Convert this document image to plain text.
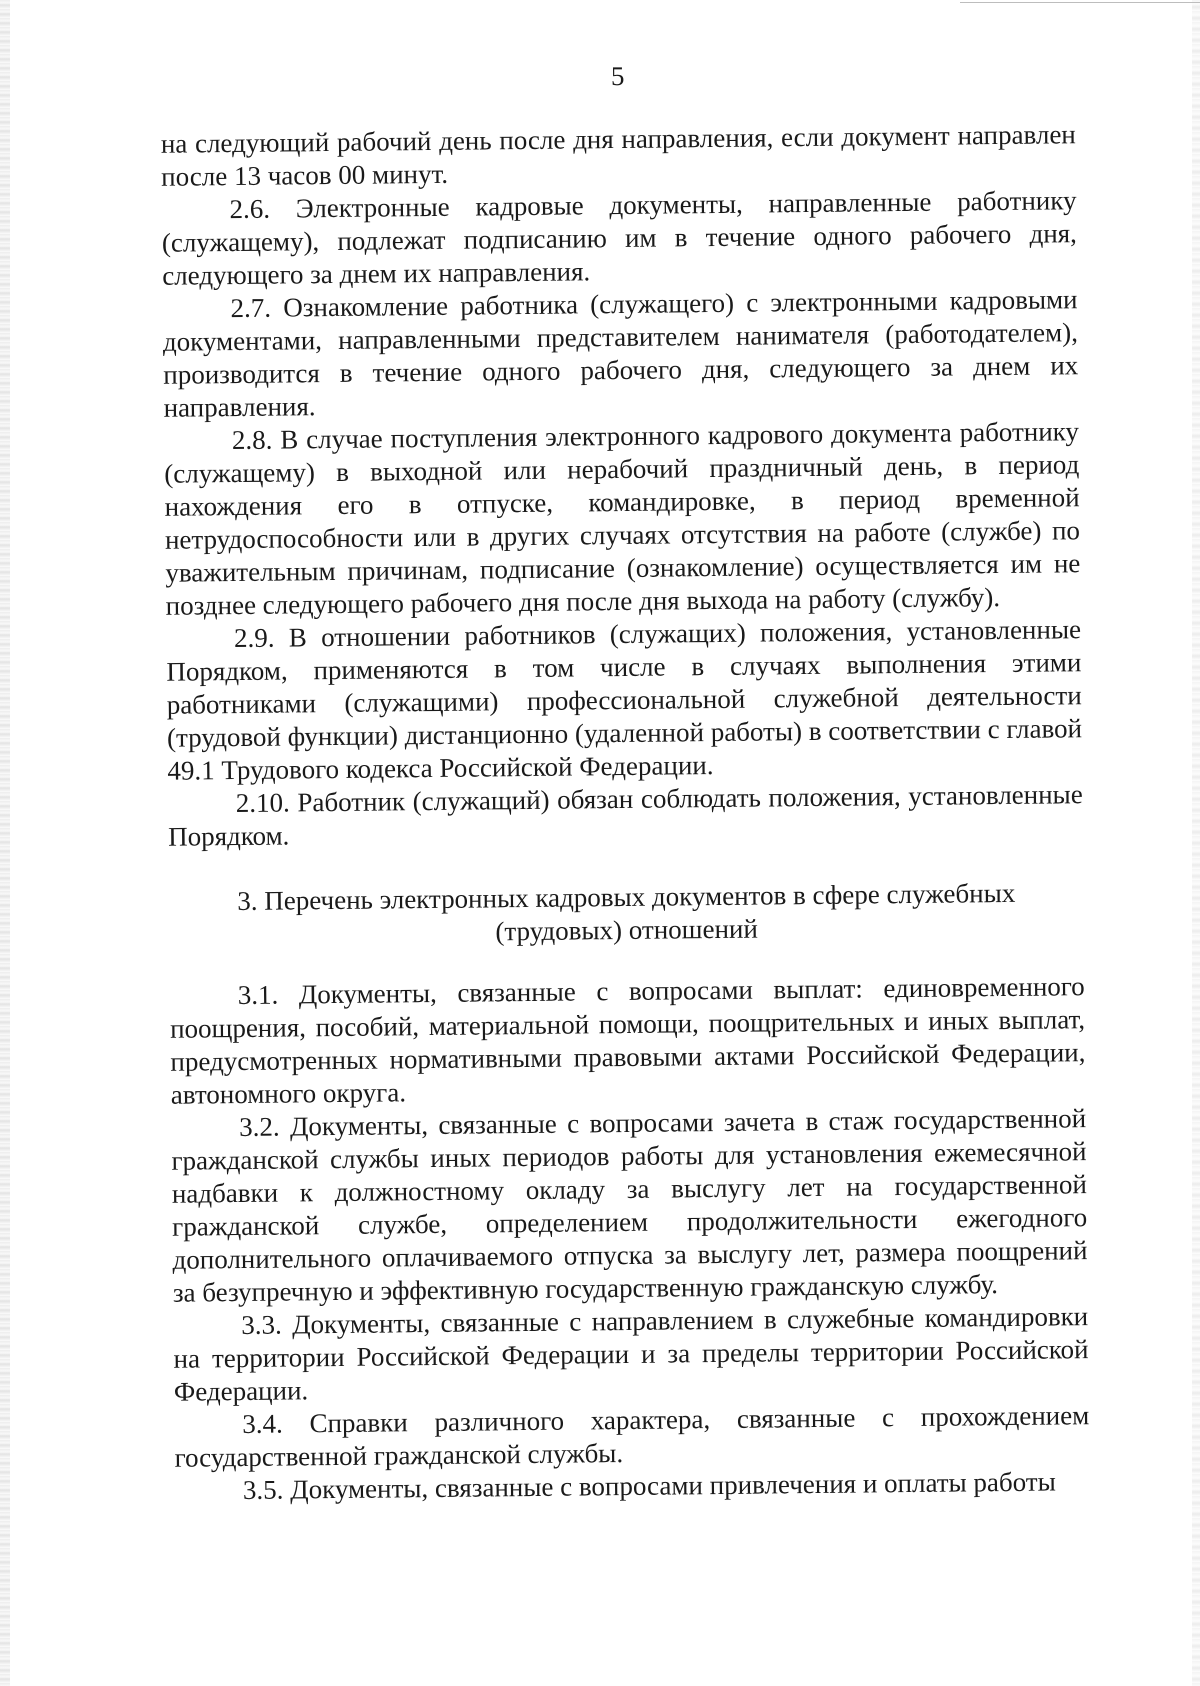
5

на следующий рабочий день после дня направления, если документ направлен после 13 часов 00 минут.

2.6. Электронные кадровые документы, направленные работнику (служащему), подлежат подписанию им в течение одного рабочего дня, следующего за днем их направления.

2.7. Ознакомление работника (служащего) с электронными кадровыми документами, направленными представителем нанимателя (работодателем), производится в течение одного рабочего дня, следующего за днем их направления.

2.8. В случае поступления электронного кадрового документа работнику (служащему) в выходной или нерабочий праздничный день, в период нахождения его в отпуске, командировке, в период временной нетрудоспособности или в других случаях отсутствия на работе (службе) по уважительным причинам, подписание (ознакомление) осуществляется им не позднее следующего рабочего дня после дня выхода на работу (службу).

2.9. В отношении работников (служащих) положения, установленные Порядком, применяются в том числе в случаях выполнения этими работниками (служащими) профессиональной служебной деятельности (трудовой функции) дистанционно (удаленной работы) в соответствии с главой 49.1 Трудового кодекса Российской Федерации.

2.10. Работник (служащий) обязан соблюдать положения, установленные Порядком.

3. Перечень электронных кадровых документов в сфере служебных
(трудовых) отношений

3.1. Документы, связанные с вопросами выплат: единовременного поощрения, пособий, материальной помощи, поощрительных и иных выплат, предусмотренных нормативными правовыми актами Российской Федерации, автономного округа.

3.2. Документы, связанные с вопросами зачета в стаж государственной гражданской службы иных периодов работы для установления ежемесячной надбавки к должностному окладу за выслугу лет на государственной гражданской службе, определением продолжительности ежегодного дополнительного оплачиваемого отпуска за выслугу лет, размера поощрений за безупречную и эффективную государственную гражданскую службу.

3.3. Документы, связанные с направлением в служебные командировки на территории Российской Федерации и за пределы территории Российской Федерации.

3.4. Справки различного характера, связанные с прохождением государственной гражданской службы.

3.5. Документы, связанные с вопросами привлечения и оплаты работы
